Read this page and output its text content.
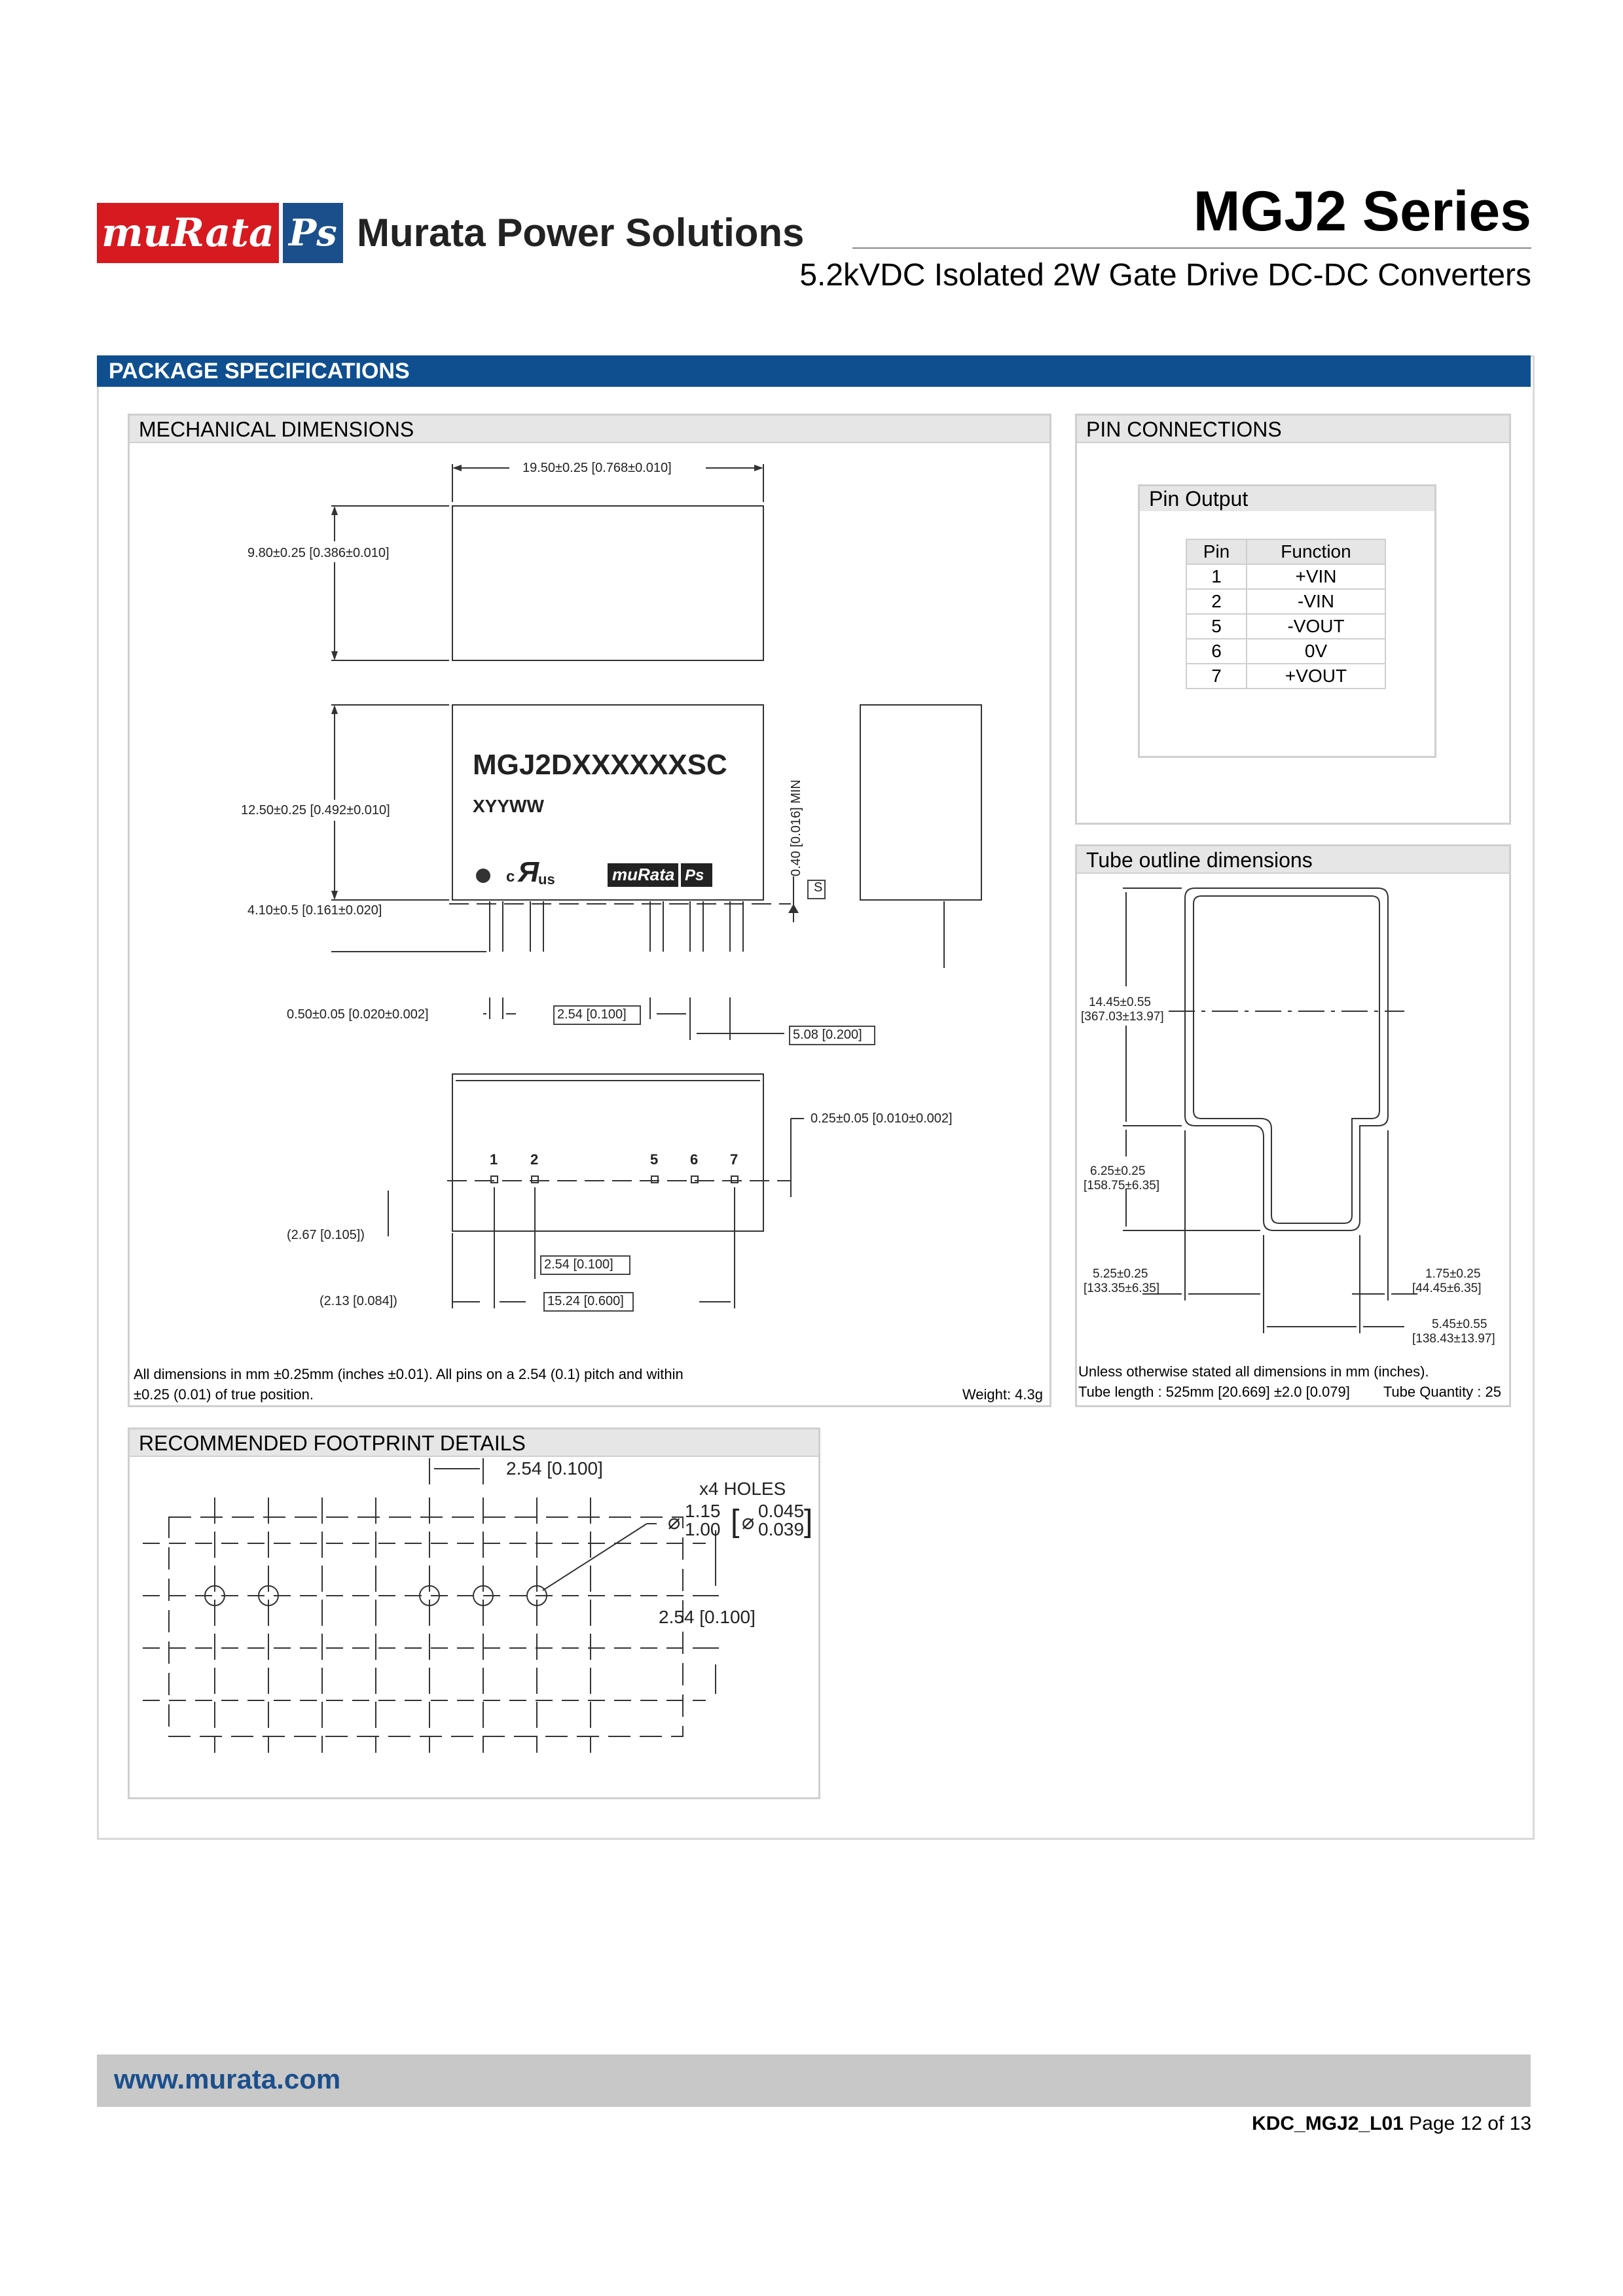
muRata Ps Murata Power Solutions	MGJ2 Series
5.2kVDC Isolated 2W Gate Drive DC-DC Converters
PACKAGE SPECIFICATIONS
MECHANICAL DIMENSIONS
19.50±0.25 [0.768±0.010]
9.80±0.25 [0.386±0.010]
12.50±0.25 [0.492±0.010]
4.10±0.5 [0.161±0.020]
0.40 [0.016] MIN
S
0.50±0.05 [0.020±0.002]	2.54 [0.100]
5.08 [0.200]
0.25±0.05 [0.010±0.002]
(2.67 [0.105])
2.54 [0.100]
(2.13 [0.084])	15.24 [0.600]
MGJ2DXXXXXXSC
XYYWW
c Я
us	muRata Ps
1 2	5 6 7
All dimensions in mm ±0.25mm (inches ±0.01). All pins on a 2.54 (0.1) pitch and within
±0.25 (0.01) of true position.	Weight: 4.3g
PIN CONNECTIONS
Pin Output
Pin	Function
1	+VIN
2	-VIN
5	-VOUT
6	0V
7	+VOUT
Tube outline dimensions
14.45±0.55
[367.03±13.97]
6.25±0.25
[158.75±6.35]
5.25±0.25
[133.35±6.35]
1.75±0.25
[44.45±6.35]
5.45±0.55
[138.43±13.97]
Unless otherwise stated all dimensions in mm (inches).
Tube length : 525mm [20.669] ±2.0 [0.079]	Tube Quantity : 25
RECOMMENDED FOOTPRINT DETAILS
2.54 [0.100]
x4 HOLES
⌀ 1.15
1.00 [ ⌀ 0.045
0.039 ]
2.54 [0.100]
www.murata.com
KDC_MGJ2_L01 Page 12 of 13
